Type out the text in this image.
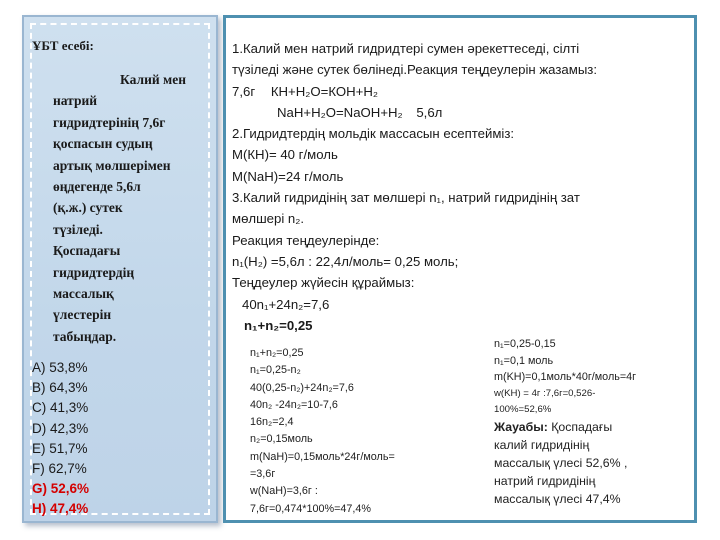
ҰБТ есебі:
Калий мен
натрий
гидридтерінің 7,6г
қоспасын судың
артық мөлшерімен
өңдегенде 5,6л
(қ.ж.) сутек
түзіледі.
Қоспадағы
гидридтердің
массалық
үлестерін
табыңдар.
А) 53,8%
В) 64,3%
С) 41,3%
D) 42,3%
Е) 51,7%
F) 62,7%
G) 52,6%
H) 47,4%
1.Калий мен натрий гидридтері сумен әрекеттеседі, сілті
түзіледі және сутек бөлінеді.Реакция теңдеулерін жазамыз:
7,6г КН+Н₂О=КОН+Н₂
NaH+H₂O=NaOH+H₂ 5,6л
2.Гидридтердің мольдік массасын есептейміз:
М(КН)= 40 г/моль
М(NaH)=24 г/моль
3.Калий гидридінің зат мөлшері n₁, натрий гидридінің зат
мөлшері n₂.
Реакция теңдеулерінде:
n₁(Н₂) =5,6л : 22,4л/моль= 0,25 моль;
Теңдеулер жүйесін құраймыз:
40n₁+24n₂=7,6
n₁+n₂=0,25
n₁+n₂=0,25
n₁=0,25-n₂
40(0,25-n₂)+24n₂=7,6
40n₂ -24n₂=10-7,6
16n₂=2,4
n₂=0,15моль
m(NaH)=0,15моль*24г/моль=
=3,6г
w(NaH)=3,6г :
7,6г=0,474*100%=47,4%
n₁=0,25-0,15
n₁=0,1 моль
m(KH)=0,1моль*40г/моль=4г
w(KH) = 4г :7,6г=0,526-
100%=52,6%
Жауабы: Қоспадағы
калий гидридінің
массалық үлесі 52,6% ,
натрий гидридінің
массалық үлесі 47,4%
